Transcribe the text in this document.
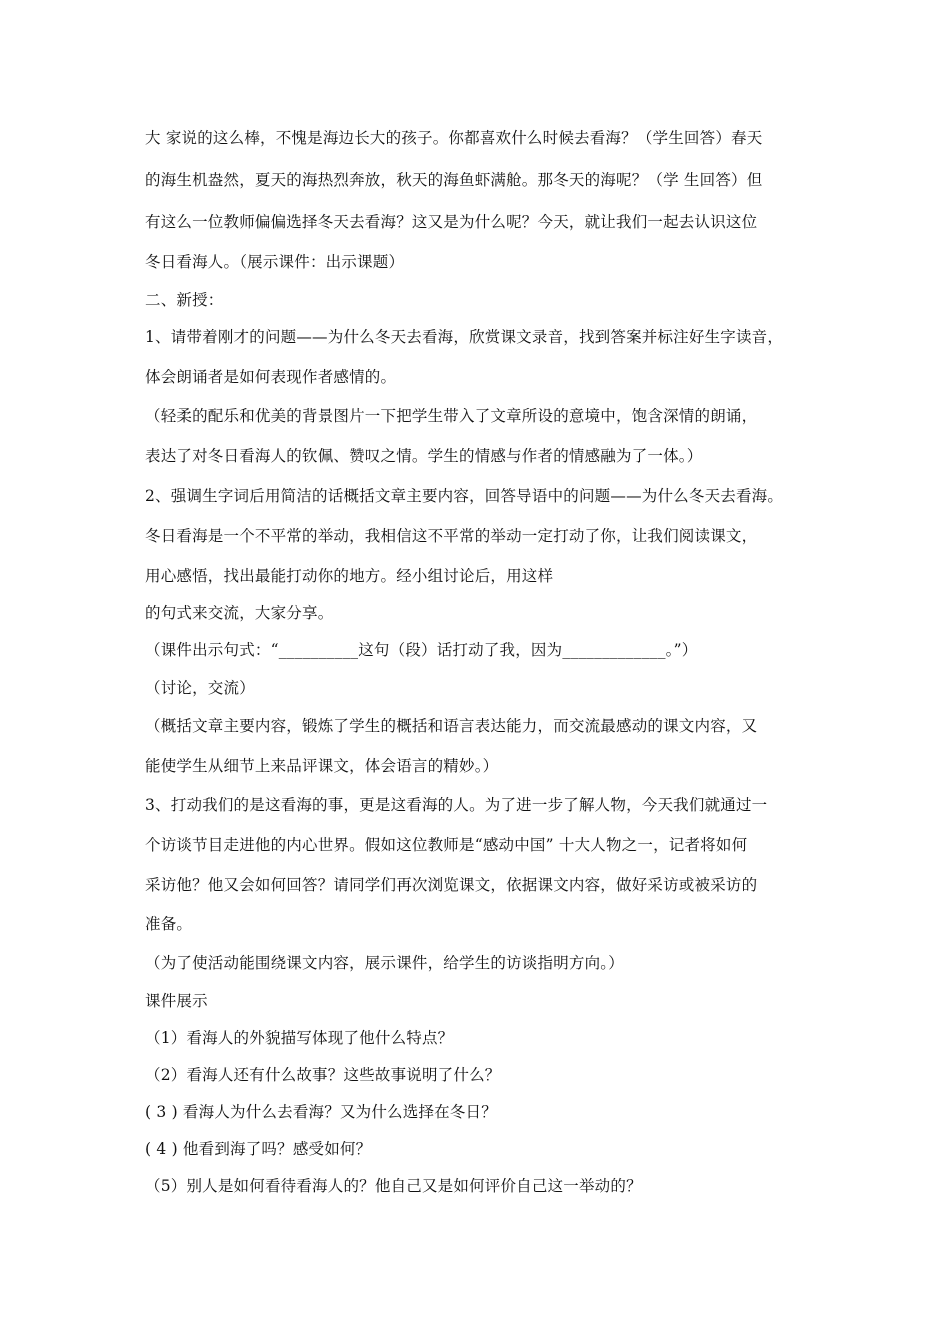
大 家说的这么棒，不愧是海边长大的孩子。你都喜欢什么时候去看海？（学生回答）春天
的海生机盎然，夏天的海热烈奔放，秋天的海鱼虾满舱。那冬天的海呢？（学 生回答）但
有这么一位教师偏偏选择冬天去看海？这又是为什么呢？今天，就让我们一起去认识这位
冬日看海人。（展示课件：出示课题）
二、新授：
1、请带着刚才的问题——为什么冬天去看海，欣赏课文录音，找到答案并标注好生字读音，
体会朗诵者是如何表现作者感情的。
（轻柔的配乐和优美的背景图片一下把学生带入了文章所设的意境中，饱含深情的朗诵，
表达了对冬日看海人的钦佩、赞叹之情。学生的情感与作者的情感融为了一体。）
2、强调生字词后用简洁的话概括文章主要内容，回答导语中的问题——为什么冬天去看海。
冬日看海是一个不平常的举动，我相信这不平常的举动一定打动了你，让我们阅读课文，
用心感悟，找出最能打动你的地方。经小组讨论后，用这样
的句式来交流，大家分享。
（课件出示句式：“__________这句（段）话打动了我，因为_____________。”）
（讨论，交流）
（概括文章主要内容，锻炼了学生的概括和语言表达能力，而交流最感动的课文内容，又
能使学生从细节上来品评课文，体会语言的精妙。）
3、打动我们的是这看海的事，更是这看海的人。为了进一步了解人物，今天我们就通过一
个访谈节目走进他的内心世界。假如这位教师是“感动中国” 十大人物之一，记者将如何
采访他？他又会如何回答？请同学们再次浏览课文，依据课文内容，做好采访或被采访的
准备。
（为了使活动能围绕课文内容，展示课件，给学生的访谈指明方向。）
课件展示
（1）看海人的外貌描写体现了他什么特点？
（2）看海人还有什么故事？这些故事说明了什么？
( 3 ) 看海人为什么去看海？又为什么选择在冬日？
( 4 ) 他看到海了吗？感受如何？
（5）别人是如何看待看海人的？他自己又是如何评价自己这一举动的？
